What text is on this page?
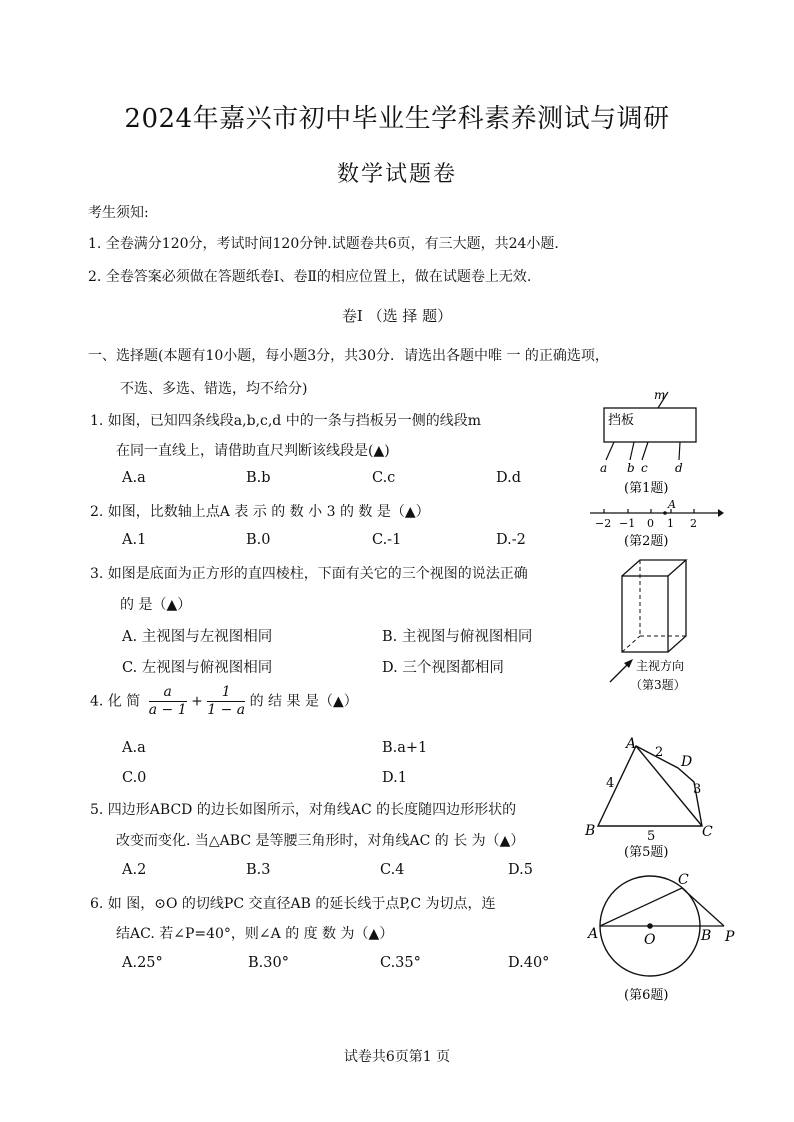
2024年嘉兴市初中毕业生学科素养测试与调研
数学试题卷
考生须知:
1. 全卷满分120分，考试时间120分钟.试题卷共6页，有三大题，共24小题.
2. 全卷答案必须做在答题纸卷Ⅰ、卷Ⅱ的相应位置上，做在试题卷上无效.
卷Ⅰ （选 择 题）
一、选择题(本题有10小题，每小题3分，共30分．请选出各题中唯 一 的正确选项，
不选、多选、错选，均不给分)
1. 如图，已知四条线段a,b,c,d 中的一条与挡板另一侧的线段m
在同一直线上，请借助直尺判断该线段是(▲)
A.a	B.b	C.c	D.d
挡板
m
a b c d
(第1题)
2. 如图，比数轴上点A 表 示 的 数 小 3 的 数 是（▲）
A.1	B.0	C.-1	D.-2
A
−2 −1 0 1 2
(第2题)
3. 如图是底面为正方形的直四棱柱，下面有关它的三个视图的说法正确
的 是（▲）
A. 主视图与左视图相同	B. 主视图与俯视图相同
C. 左视图与俯视图相同	D. 三个视图都相同	主视方向
（第3题）
4. 化 简 $\frac{a}{a - 1} + \frac{1}{1 - a}$ 的 结 果 是（▲）
A.a	B.a+1
C.0	D.1
5. 四边形ABCD 的边长如图所示，对角线AC 的长度随四边形形状的
改变而变化. 当△ABC 是等腰三角形时，对角线AC 的 长 为（▲）
A.2	B.3	C.4	D.5
A
B	C
D
2
3
4
5
(第5题)
6. 如 图，⊙O 的切线PC 交直径AB 的延长线于点P,C 为切点，连
结AC. 若∠P=40°，则∠A 的 度 数 为（▲）
A.25°	B.30°	C.35°	D.40°
A	B
C
O	P
(第6题)
试卷共6页第1 页
